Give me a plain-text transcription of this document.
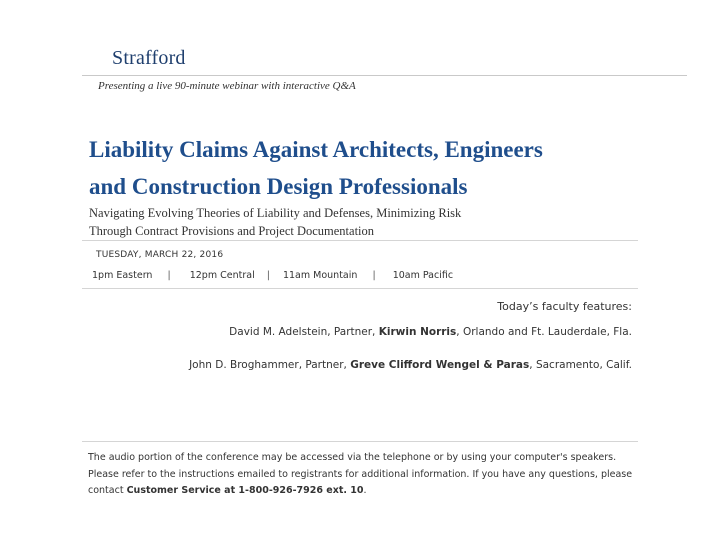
Strafford
Presenting a live 90-minute webinar with interactive Q&A
Liability Claims Against Architects, Engineers
and Construction Design Professionals

Navigating Evolving Theories of Liability and Defenses, Minimizing Risk
Through Contract Provisions and Project Documentation

TUESDAY, MARCH 22, 2016
1pm Eastern | 12pm Central | 11am Mountain | 10am Pacific
Today’s faculty features:
David M. Adelstein, Partner, Kirwin Norris, Orlando and Ft. Lauderdale, Fla.
John D. Broghammer, Partner, Greve Clifford Wengel & Paras, Sacramento, Calif.

The audio portion of the conference may be accessed via the telephone or by using your computer's speakers. Please refer to the instructions emailed to registrants for additional information. If you have any questions, please contact Customer Service at 1-800-926-7926 ext. 10.
